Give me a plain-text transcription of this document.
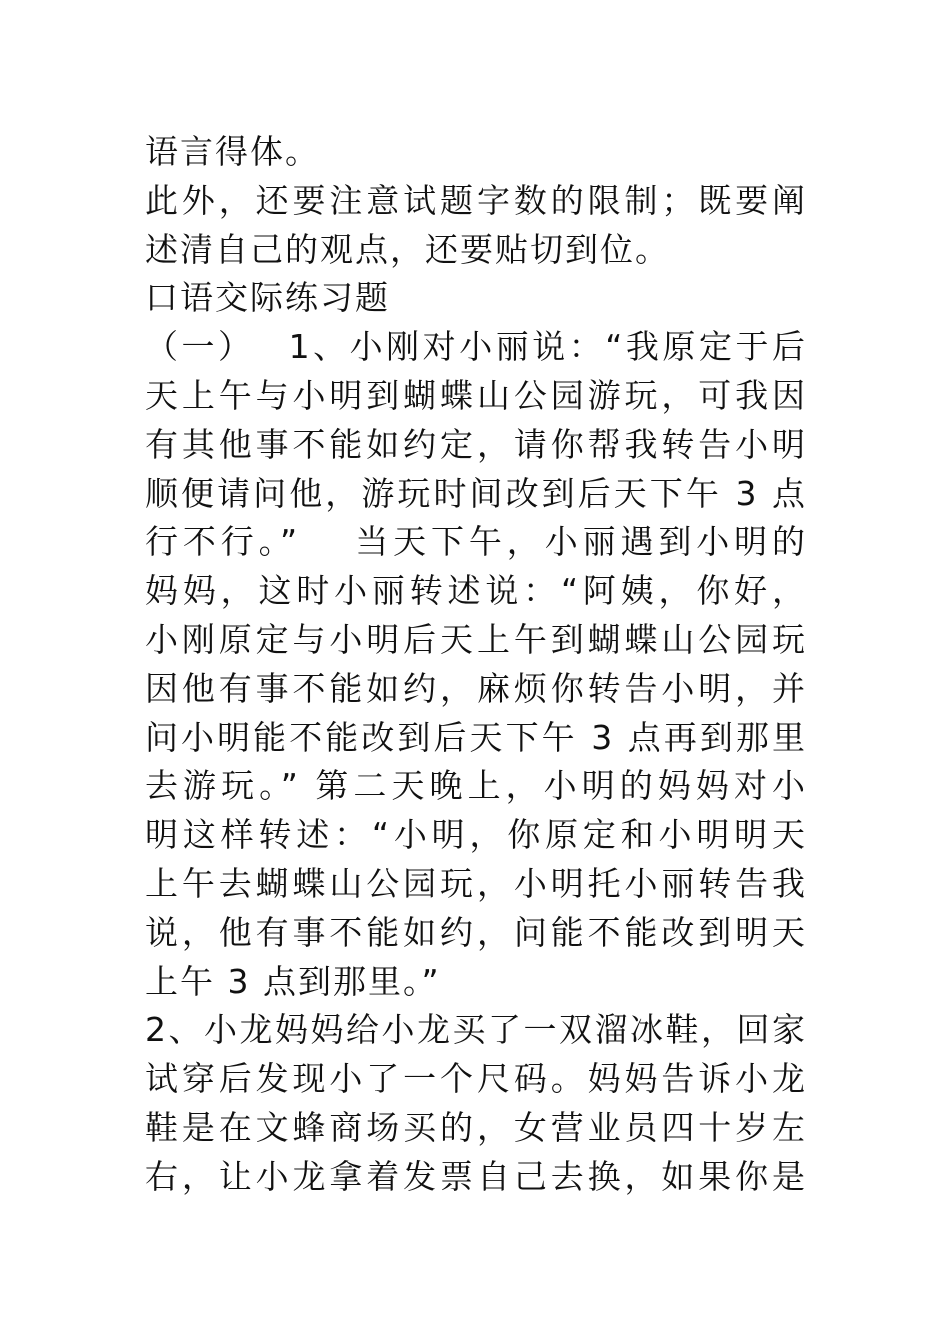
语言得体。
此外，还要注意试题字数的限制；既要阐
述清自己的观点，还要贴切到位。
口语交际练习题
（一）　 1、小刚对小丽说：“我原定于后
天上午与小明到蝴蝶山公园游玩，可我因
有其他事不能如约定，请你帮我转告小明
顺便请问他，游玩时间改到后天下午 3 点
行不行。”　 当天下午，小丽遇到小明的
妈妈，这时小丽转述说：“阿姨，你好，
小刚原定与小明后天上午到蝴蝶山公园玩
因他有事不能如约，麻烦你转告小明，并
问小明能不能改到后天下午 3 点再到那里
去游玩。” 第二天晚上，小明的妈妈对小
明这样转述：“小明，你原定和小明明天
上午去蝴蝶山公园玩，小明托小丽转告我
说，他有事不能如约，问能不能改到明天
上午 3 点到那里。”
2、小龙妈妈给小龙买了一双溜冰鞋，回家
试穿后发现小了一个尺码。妈妈告诉小龙
鞋是在文蜂商场买的，女营业员四十岁左
右，让小龙拿着发票自己去换，如果你是
